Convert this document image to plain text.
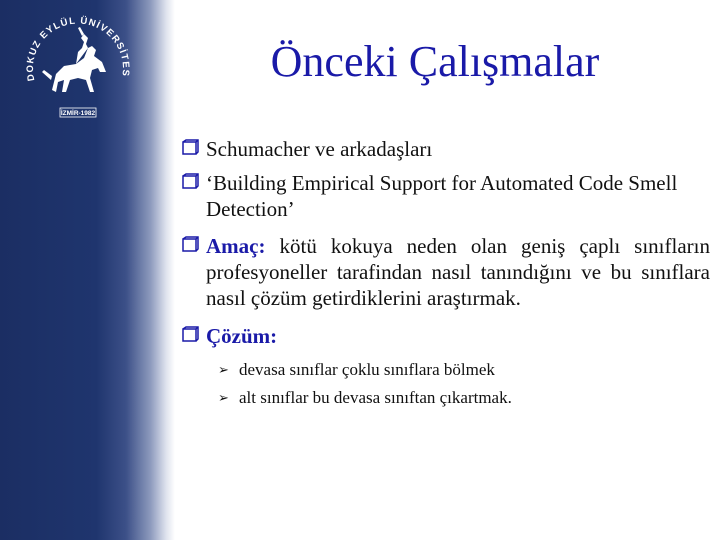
DOKUZ EYLÜL ÜNİVERSİTES
İZMİR-1982
Önceki Çalışmalar
Schumacher ve arkadaşları
‘Building Empirical Support for Automated Code Smell Detection’
Amaç: kötü kokuya neden olan geniş çaplı sınıfların profesyoneller tarafindan nasıl tanındığını ve bu sınıflara nasıl çözüm getirdiklerini araştırmak.
Çözüm:
➢ devasa sınıflar çoklu sınıflara bölmek
➢ alt sınıflar bu devasa sınıftan çıkartmak.
